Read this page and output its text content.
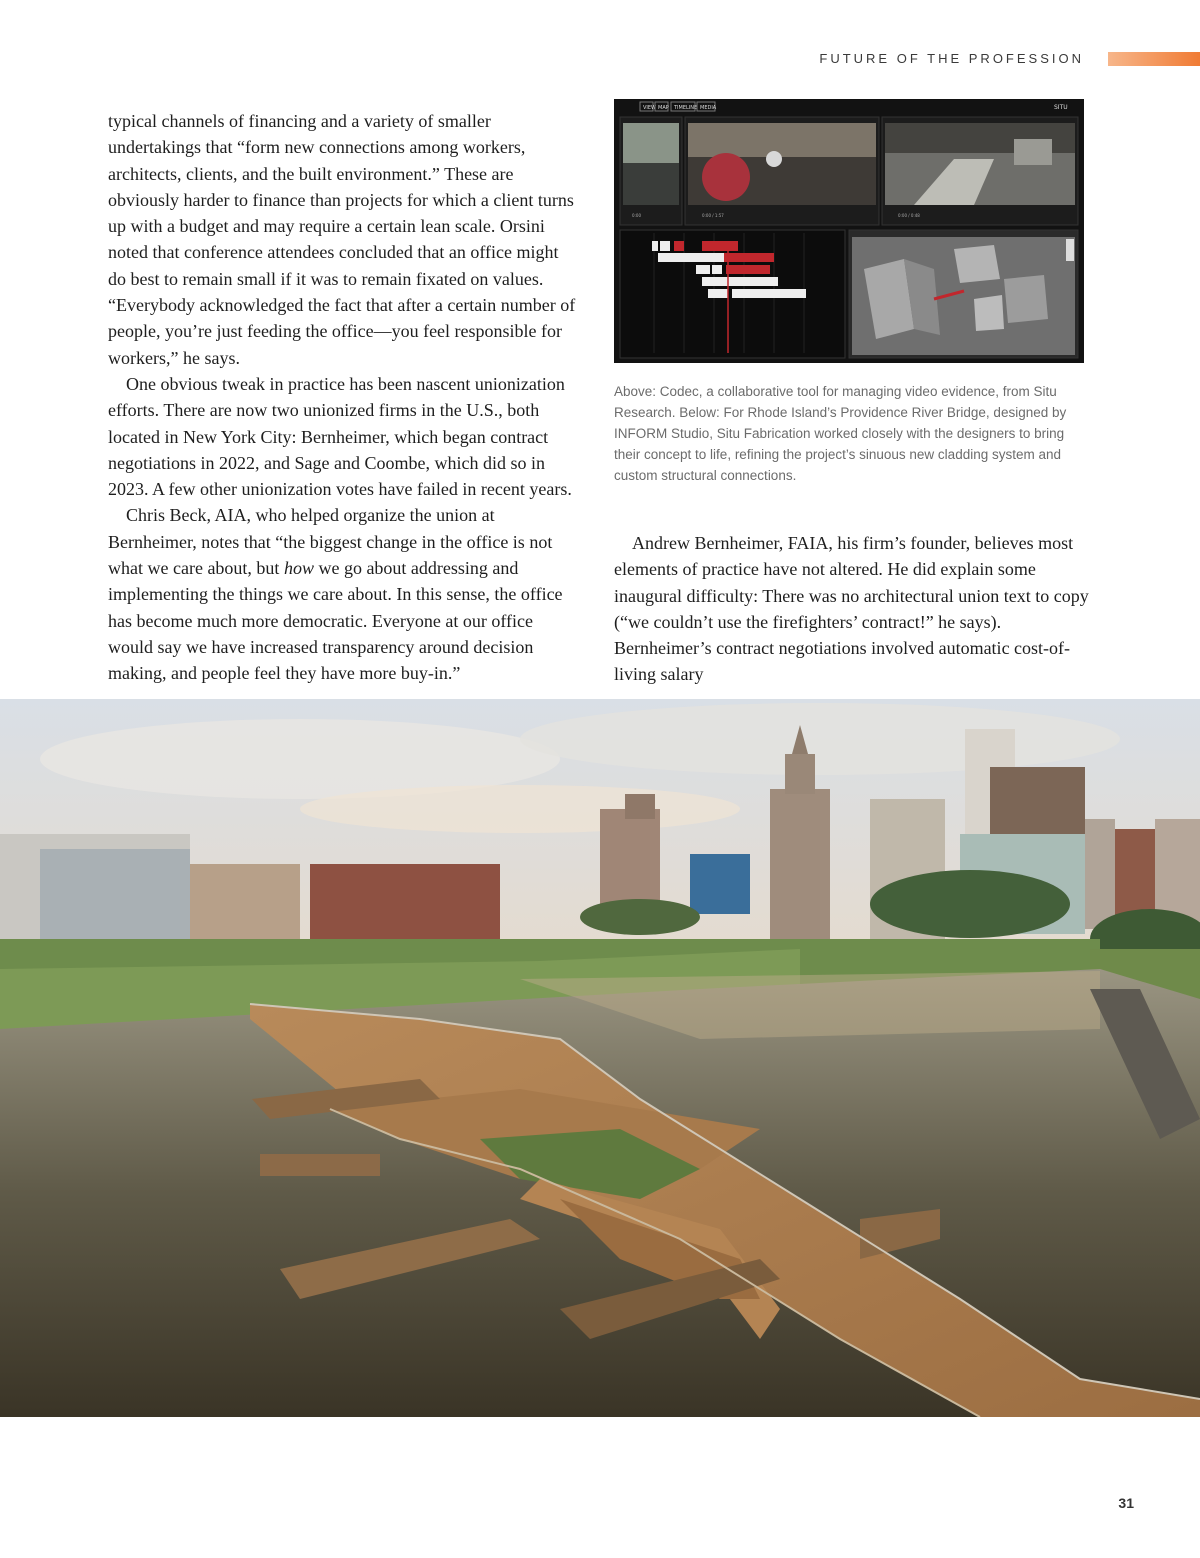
FUTURE OF THE PROFESSION

typical channels of financing and a variety of smaller undertakings that “form new connections among workers, architects, clients, and the built environment.” These are obviously harder to finance than projects for which a client turns up with a budget and may require a certain lean scale. Orsini noted that conference attendees concluded that an office might do best to remain small if it was to remain fixated on values. “Everybody acknowledged the fact that after a certain number of people, you’re just feeding the office—you feel responsible for workers,” he says.

One obvious tweak in practice has been nascent unionization efforts. There are now two unionized firms in the U.S., both located in New York City: Bernheimer, which began contract negotiations in 2022, and Sage and Coombe, which did so in 2023. A few other unionization votes have failed in recent years.

Chris Beck, AIA, who helped organize the union at Bernheimer, notes that “the biggest change in the office is not what we care about, but how we go about addressing and implementing the things we care about. In this sense, the office has become much more democratic. Everyone at our office would say we have increased transparency around decision making, and people feel they have more buy-in.”

VIEW MAP TIMELINE MEDIA	SITU
0:00	0:00 / 1:57	0:00 / 0:48

Above: Codec, a collaborative tool for managing video evidence, from Situ Research. Below: For Rhode Island’s Providence River Bridge, designed by INFORM Studio, Situ Fabrication worked closely with the designers to bring their concept to life, refining the project’s sinuous new cladding system and custom structural connections.

Andrew Bernheimer, FAIA, his firm’s founder, believes most elements of practice have not altered. He did explain some inaugural difficulty: There was no architectural union text to copy (“we couldn’t use the firefighters’ contract!” he says). Bernheimer’s contract negotiations involved automatic cost-of-living salary

31
